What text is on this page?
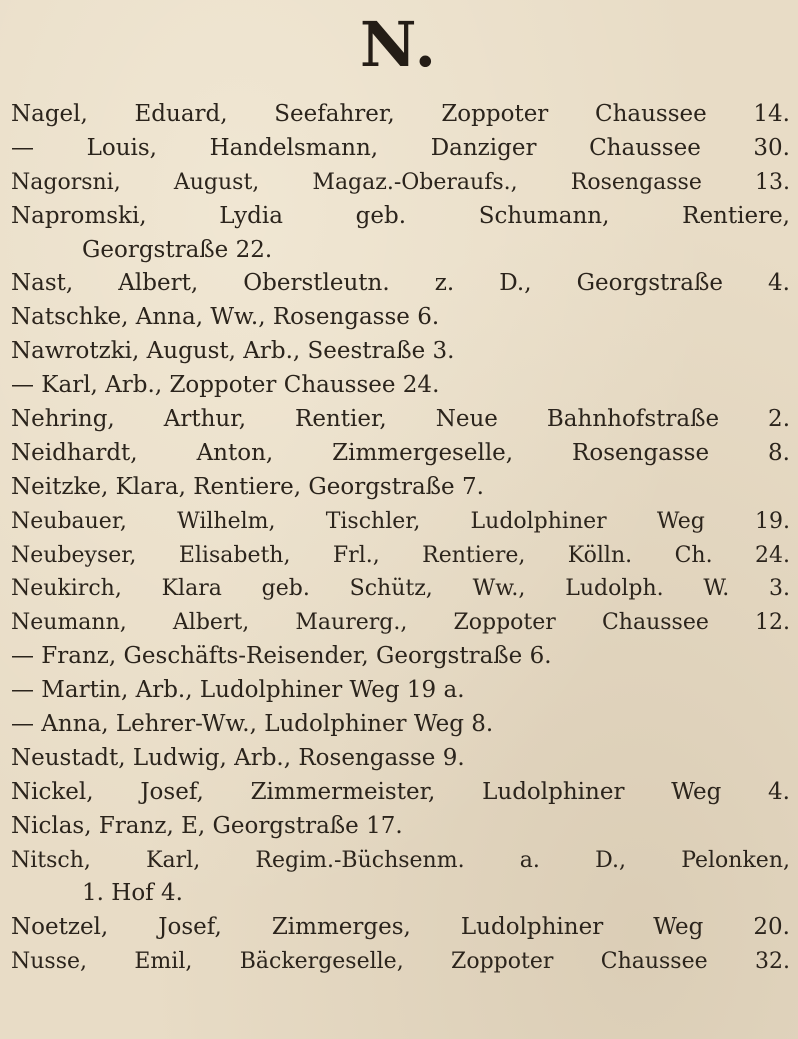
N.
Nagel, Eduard, Seefahrer, Zoppoter Chaussee 14.
— Louis, Handelsmann, Danziger Chaussee 30.
Nagorsni, August, Magaz.-Oberaufs., Rosengasse 13.
Napromski, Lydia geb. Schumann, Rentiere,
Georgstraße 22.
Nast, Albert, Oberstleutn. z. D., Georgstraße 4.
Natschke, Anna, Ww., Rosengasse 6.
Nawrotzki, August, Arb., Seestraße 3.
— Karl, Arb., Zoppoter Chaussee 24.
Nehring, Arthur, Rentier, Neue Bahnhofstraße 2.
Neidhardt, Anton, Zimmergeselle, Rosengasse 8.
Neitzke, Klara, Rentiere, Georgstraße 7.
Neubauer, Wilhelm, Tischler, Ludolphiner Weg 19.
Neubeyser, Elisabeth, Frl., Rentiere, Kölln. Ch. 24.
Neukirch, Klara geb. Schütz, Ww., Ludolph. W. 3.
Neumann, Albert, Maurerg., Zoppoter Chaussee 12.
— Franz, Geschäfts-Reisender, Georgstraße 6.
— Martin, Arb., Ludolphiner Weg 19 a.
— Anna, Lehrer-Ww., Ludolphiner Weg 8.
Neustadt, Ludwig, Arb., Rosengasse 9.
Nickel, Josef, Zimmermeister, Ludolphiner Weg 4.
Niclas, Franz, E, Georgstraße 17.
Nitsch, Karl, Regim.-Büchsenm. a. D., Pelonken,
1. Hof 4.
Noetzel, Josef, Zimmerges, Ludolphiner Weg 20.
Nusse, Emil, Bäckergeselle, Zoppoter Chaussee 32.
